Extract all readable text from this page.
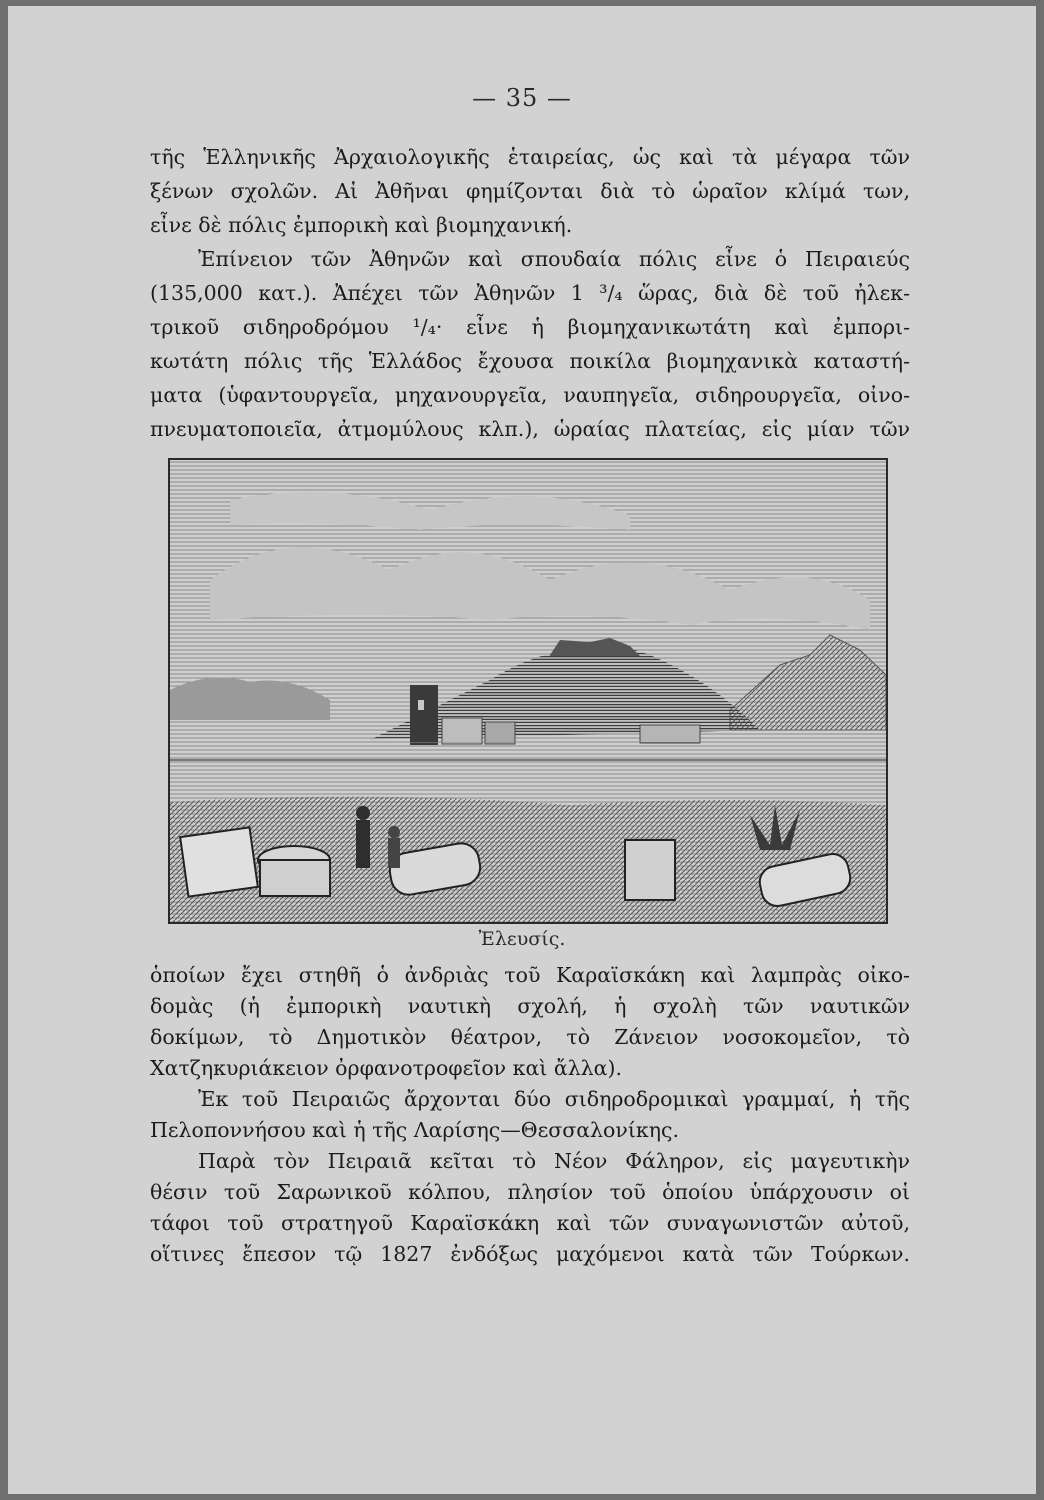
— 35 —
τῆς Ἑλληνικῆς Ἀρχαιολογικῆς ἑταιρείας, ὡς καὶ τὰ μέγαρα τῶν
ξένων σχολῶν. Αἱ Ἀθῆναι φημίζονται διὰ τὸ ὡραῖον κλίμά των,
εἶνε δὲ πόλις ἐμπορικὴ καὶ βιομηχανική.
Ἐπίνειον τῶν Ἀθηνῶν καὶ σπουδαία πόλις εἶνε ὁ Πειραιεύς
(135,000 κατ.). Ἀπέχει τῶν Ἀθηνῶν 1 ³/₄ ὥρας, διὰ δὲ τοῦ ἠλεκ-
τρικοῦ σιδηροδρόμου ¹/₄· εἶνε ἡ βιομηχανικωτάτη καὶ ἐμπορι-
κωτάτη πόλις τῆς Ἑλλάδος ἔχουσα ποικίλα βιομηχανικὰ καταστή-
ματα (ὑφαντουργεῖα, μηχανουργεῖα, ναυπηγεῖα, σιδηρουργεῖα, οἰνο-
πνευματοποιεῖα, ἀτμομύλους κλπ.), ὡραίας πλατείας, εἰς μίαν τῶν
Ἐλευσίς.
ὁποίων ἔχει στηθῆ ὁ ἀνδριὰς τοῦ Καραϊσκάκη καὶ λαμπρὰς οἰκο-
δομὰς (ἡ ἐμπορικὴ ναυτικὴ σχολή, ἡ σχολὴ τῶν ναυτικῶν
δοκίμων, τὸ Δημοτικὸν θέατρον, τὸ Ζάνειον νοσοκομεῖον, τὸ
Χατζηκυριάκειον ὀρφανοτροφεῖον καὶ ἄλλα).
Ἐκ τοῦ Πειραιῶς ἄρχονται δύο σιδηροδρομικαὶ γραμμαί, ἡ τῆς
Πελοποννήσου καὶ ἡ τῆς Λαρίσης—Θεσσαλονίκης.
Παρὰ τὸν Πειραιᾶ κεῖται τὸ Νέον Φάληρον, εἰς μαγευτικὴν
θέσιν τοῦ Σαρωνικοῦ κόλπου, πλησίον τοῦ ὁποίου ὑπάρχουσιν οἱ
τάφοι τοῦ στρατηγοῦ Καραϊσκάκη καὶ τῶν συναγωνιστῶν αὐτοῦ,
οἵτινες ἔπεσον τῷ 1827 ἐνδόξως μαχόμενοι κατὰ τῶν Τούρκων.
